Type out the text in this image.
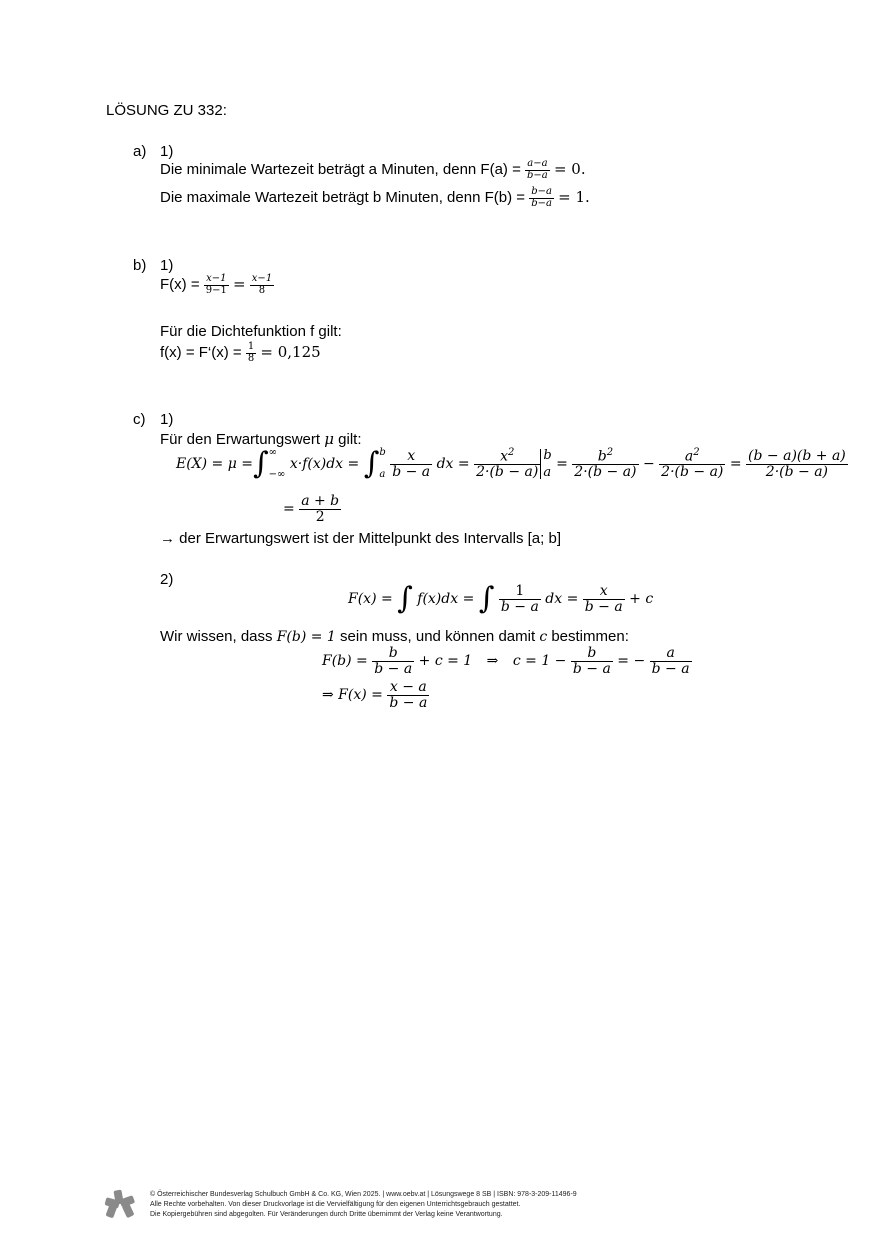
LÖSUNG ZU 332:
a) 1)
Die minimale Wartezeit beträgt a Minuten, denn $F(a) = \frac{a-a}{b-a} = 0$.
Die maximale Wartezeit beträgt b Minuten, denn $F(b) = \frac{b-a}{b-a} = 1$.
b) 1)
$F(x) = \frac{x-1}{9-1} = \frac{x-1}{8}$
Für die Dichtefunktion f gilt:
f(x) = F‘(x) = $\frac{1}{8} = 0,125$
c) 1)
Für den Erwartungswert μ gilt:
E(X) = μ =∫ ∞
−∞
x·f(x)dx = ∫ b
a
$\frac{x}{b - a}$ dx = $\frac{x^2}{2\cdot(b - a)}$ b
a
= $\frac{b^2}{2\cdot(b - a)} - \frac{a^2}{2\cdot(b - a)} = \frac{(b - a)(b + a)}{2\cdot(b - a)}$
= $\frac{a + b}{2}$
→ der Erwartungswert ist der Mittelpunkt des Intervalls [a; b]
2)
F(x) = ∫ f(x)dx = ∫ $\frac{1}{b - a}$ dx = $\frac{x}{b - a} + c$
Wir wissen, dass F(b) = 1 sein muss, und können damit c bestimmen:
$F(b) = \frac{b}{b - a} + c = 1$ ⇒ $c = 1 - \frac{b}{b - a}$ = − $\frac{a}{b - a}$
⇒ $F(x) = \frac{x - a}{b - a}$
© Österreichischer Bundesverlag Schulbuch GmbH & Co. KG, Wien 2025. | www.oebv.at | Lösungswege 8 SB | ISBN: 978-3-209-11496-9
Alle Rechte vorbehalten. Von dieser Druckvorlage ist die Vervielfältigung für den eigenen Unterrichtsgebrauch gestattet.
Die Kopiergebühren sind abgegolten. Für Veränderungen durch Dritte übernimmt der Verlag keine Verantwortung.
